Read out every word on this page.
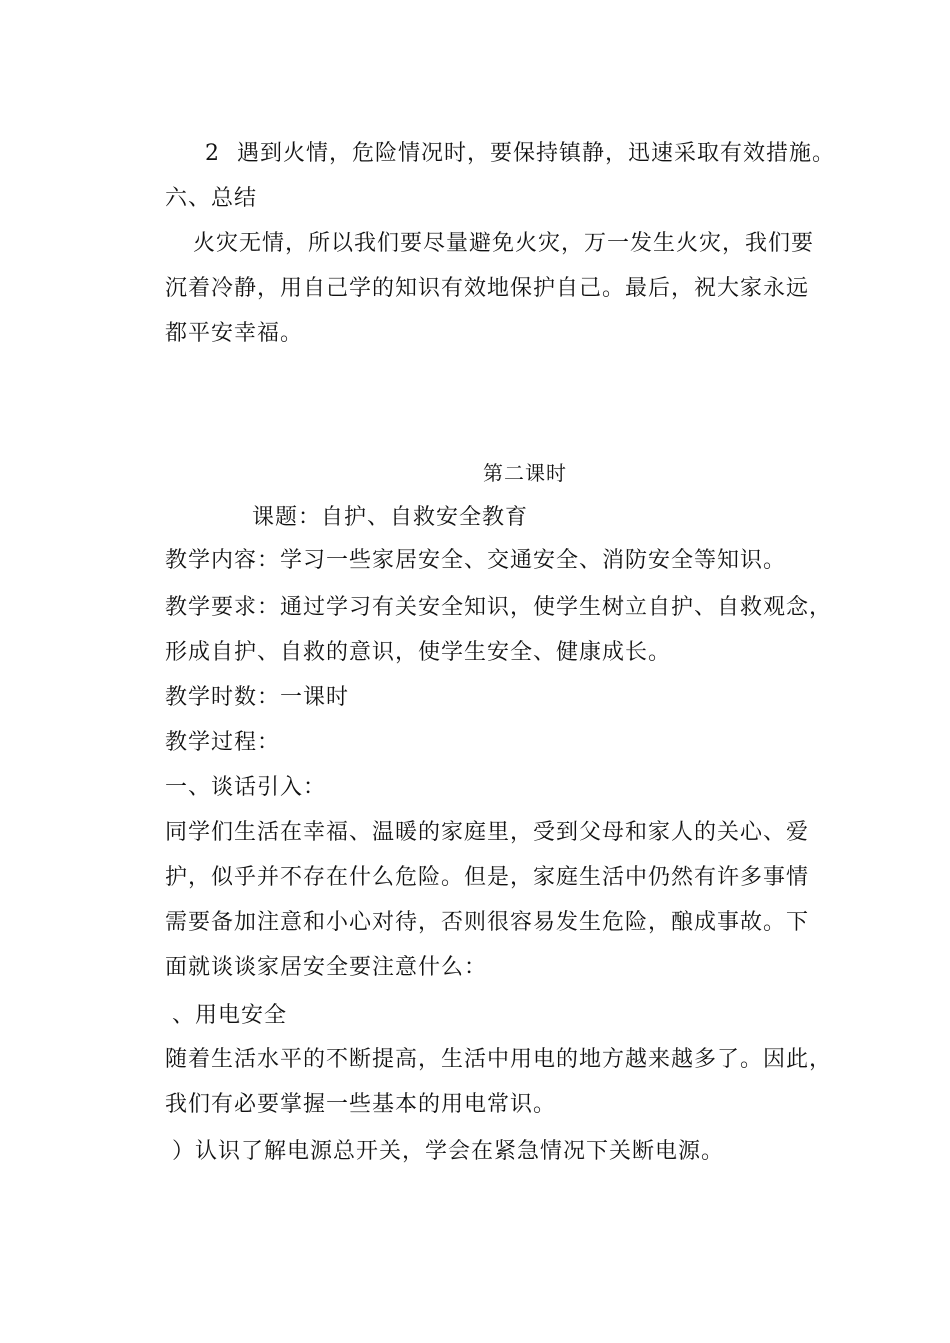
2 遇到火情，危险情况时，要保持镇静，迅速采取有效措施。
六、总结
火灾无情，所以我们要尽量避免火灾，万一发生火灾，我们要
沉着冷静，用自己学的知识有效地保护自己。最后，祝大家永远
都平安幸福。
第二课时
课题：自护、自救安全教育
教学内容：学习一些家居安全、交通安全、消防安全等知识。
教学要求：通过学习有关安全知识，使学生树立自护、自救观念，
形成自护、自救的意识，使学生安全、健康成长。
教学时数：一课时
教学过程：
一、谈话引入：
同学们生活在幸福、温暖的家庭里，受到父母和家人的关心、爱
护，似乎并不存在什么危险。但是，家庭生活中仍然有许多事情
需要备加注意和小心对待，否则很容易发生危险，酿成事故。下
面就谈谈家居安全要注意什么：
、用电安全
随着生活水平的不断提高，生活中用电的地方越来越多了。因此，
我们有必要掌握一些基本的用电常识。
）认识了解电源总开关，学会在紧急情况下关断电源。
